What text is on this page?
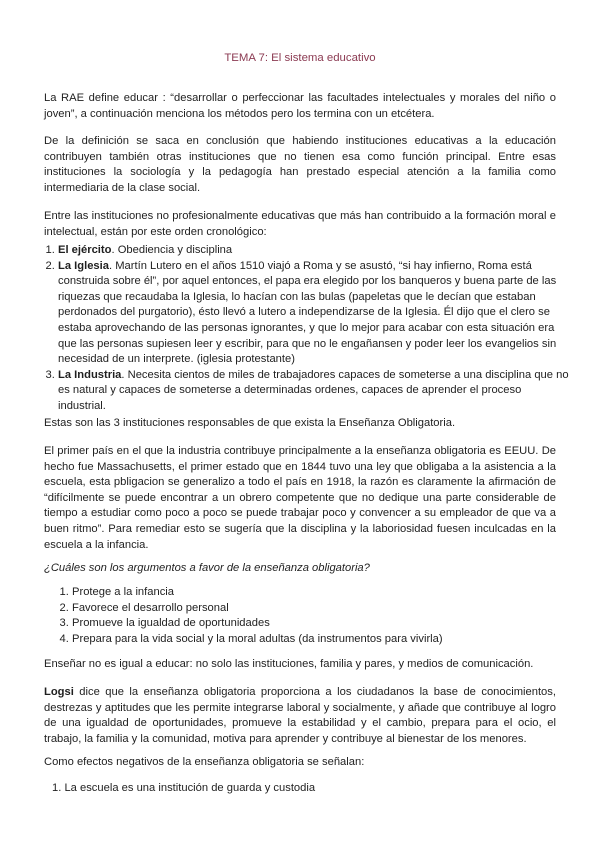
TEMA 7: El sistema educativo

La RAE define educar : “desarrollar o perfeccionar las facultades intelectuales y morales del niño o joven”, a continuación menciona los métodos pero los termina con un etcétera.

De la definición se saca en conclusión que habiendo instituciones educativas a la educación contribuyen también otras instituciones que no tienen esa como función principal. Entre esas instituciones la sociología y la pedagogía han prestado especial atención a la familia como intermediaria de la clase social.

Entre las instituciones no profesionalmente educativas que más han contribuido a la formación moral e intelectual, están por este orden cronológico:

1. El ejército. Obediencia y disciplina
2. La Iglesia. Martín Lutero en el años 1510 viajó a Roma y se asustó, “si hay infierno, Roma está construida sobre él”, por aquel entonces, el papa era elegido por los banqueros y buena parte de las riquezas que recaudaba la Iglesia, lo hacían con las bulas (papeletas que le decían que estaban perdonados del purgatorio), ésto llevó a lutero a independizarse de la Iglesia. Él dijo que el clero se estaba aprovechando de las personas ignorantes, y que lo mejor para acabar con esta situación era que las personas supiesen leer y escribir, para que no le engañansen y poder leer los evangelios sin necesidad de un interprete. (iglesia protestante)
3. La Industria. Necesita cientos de miles de trabajadores capaces de someterse a una disciplina que no es natural y capaces de someterse a determinadas ordenes, capaces de aprender el proceso industrial.

Estas son las 3 instituciones responsables de que exista la Enseñanza Obligatoria.

El primer país en el que la industria contribuye principalmente a la enseñanza obligatoria es EEUU. De hecho fue Massachusetts, el primer estado que en 1844 tuvo una ley que obligaba a la asistencia a la escuela, esta pbligacion se generalizo a todo el país en 1918, la razón es claramente la afirmación de “difícilmente se puede encontrar a un obrero competente que no dedique una parte considerable de tiempo a estudiar como poco a poco se puede trabajar poco y convencer a su empleador de que va a buen ritmo”. Para remediar esto se sugería que la disciplina y la laboriosidad fuesen inculcadas en la escuela a la infancia.

¿Cuáles son los argumentos a favor de la enseñanza obligatoria?

1. Protege a la infancia
2. Favorece el desarrollo personal
3. Promueve la igualdad de oportunidades
4. Prepara para la vida social y la moral adultas (da instrumentos para vivirla)

Enseñar no es igual a educar: no solo las instituciones, familia y pares, y medios de comunicación.

Logsi dice que la enseñanza obligatoria proporciona a los ciudadanos la base de conocimientos, destrezas y aptitudes que les permite integrarse laboral y socialmente, y añade que contribuye al logro de una igualdad de oportunidades, promueve la estabilidad y el cambio, prepara para el ocio, el trabajo, la familia y la comunidad, motiva para aprender y contribuye al bienestar de los menores.

Como efectos negativos de la enseñanza obligatoria se señalan:

1. La escuela es una institución de guarda y custodia
